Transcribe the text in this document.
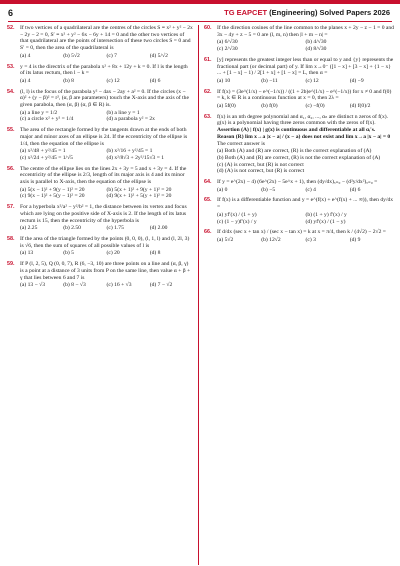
6	TG EAPCET (Engineering) Solved Papers 2026
52. If two vertices of a quadrilateral are the centres of the circles S ≡ x² + y² − 2x − 2y − 2 = 0, S′ ≡ x² + y² − 6x − 6y + 14 = 0 and the other two vertices of that quadrilateral are the points of intersection of these two circles S = 0 and S′ = 0, then the area of the quadrilateral is
(a) 4	(b) 5√2	(c) 7	(d) 5/√2
53. y = 4 is the directrix of the parabola x² + 8x + 12y + k = 0. If l is the length of its latus rectum, then l − k =
(a) 4	(b) 8	(c) 12	(d) 6
54. (l, l) is the focus of the parabola y² − 4ax − 2ay + a² = 0. If the circles (x − α)² + (y − β)² = r², (α, β are parameters) touch the X-axis and the axis of the given parabola, then (α, β) (α, β ∈ R) is.
(a) a line y = 1/2	(b) a line y = 1
(c) a circle x² + y² = 1/4	(d) a parabola y² = 2x
55. The area of the rectangle formed by the tangents drawn at the ends of both major and minor axes of an ellipse is 24. If the eccentricity of the ellipse is 1/4, then the equation of the ellipse is
(a) x²/48 + y²/45 = 1	(b) x²/16 + y²/45 = 1
(c) x²/24 + y²/45 = 1/√5	(d) x²/8√3 + 2y²/15√3 = 1
56. The centre of the ellipse lies on the lines 2x + 3y = 5 and x + 3y = 4. If the eccentricity of the ellipse is 2/3, length of its major axis is 4 and its minor axis is parallel to X-axis, then the equation of the ellipse is
(a) 5(x − 1)² + 9(y − 1)² = 20	(b) 5(x + 1)² + 9(y + 1)² = 20
(c) 9(x − 1)² + 5(y − 1)² = 20	(d) 9(x + 1)² + 5(y + 1)² = 20
57. For a hyperbola x²/a² − y²/b² = 1, the distance between its vertex and focus which are lying on the positive side of X-axis is 2. If the length of its latus rectum is 15, then the eccentricity of the hyperbola is
(a) 2.25	(b) 2.50	(c) 1.75	(d) 2.00
58. If the area of the triangle formed by the points (0, 0, 0), (l, 1, l) and (l, 2l, 3) is √6, then the sum of squares of all possible values of l is
(a) 13	(b) 5	(c) 20	(d) 8
59. If P (l, 2, 5), Q (0, 0, 7), R (6, −3, 10) are three points on a line and (α, β, γ) is a point at a distance of 3 units from P on the same line, then value α + β + γ that lies between 6 and 7 is
(a) 13 − √3	(b) 8 − √3	(c) 16 + √3	(d) 7 − √2
60. If the direction cosines of the line common to the planes x + 2y − z − 1 = 0 and 3x − 4y + z − 5 = 0 are (l, m, n) then |l + m − n| =
(a) 6/√30	(b) 4/√30
(c) 2/√30	(d) 8/√30
61. [y] represents the greatest integer less than or equal to y and {y} represents the fractional part (or decimal part) of y. If lim x→0⁻ ([1 − x] + [3 − x] + {1 − x} ... + [1 − x] − 1) / 2[1 + x] + [1 − x] = L, then α =
(a) 10	(b) −11	(c) 12	(d) −9
62. If f(x) = (3e^(1/x) − e^(−1/x)) / ((1 + 2b)e^(1/x) − e^(−1/x)) for x ≠ 0 and f(0) = k, k ∈ R is a continuous function at x = 0, then 2λ =
(a) 5f(0)	(b) f(0)	(c) −f(0)	(d) f(0)/2
63. f(x) is an nth degree polynomial and α₁, α₂, ..., αₙ are distinct n zeros of f(x). g(x) is a polynomial having three zeros common with the zeros of f(x).
Assertion (A) | f(x) | g(x) is continuous and differentiable at all αᵢ's.
Reason (R) lim x→a |x − a| / (x − a) does not exist and lim x→a |x − a| = 0
The correct answer is
(a) Both (A) and (R) are correct, (R) is the correct explanation of (A)
(b) Both (A) and (R) are correct, (R) is not the correct explanation of (A)
(c) (A) is correct, but (R) is not correct
(d) (A) is not correct, but (R) is correct
64. If y = e^(2x) − 4) (6e^(2x) − 5e^x + 1), then (dy/dx)ₓ₌₀ − (d²y/dx²)ₓ₌₀ =
(a) 0	(b) −5	(c) 4	(d) 6
65. If f(x) is a differentiable function and y = e^(f(x) + e^(f(x) + ... ∞)), then dy/dx =
(a) yf′(x) / (1 + y)	(b) (1 + y) f′(x) / y
(c) (1 − y)f′(x) / y	(d) yf′(x) / (1 − y)
66. If d/dx (sec x + tan x) / (sec x − tan x) = k at x = π/4, then k / (4√2) − 2√2 =
(a) 5√2	(b) 12√2	(c) 3	(d) 9
